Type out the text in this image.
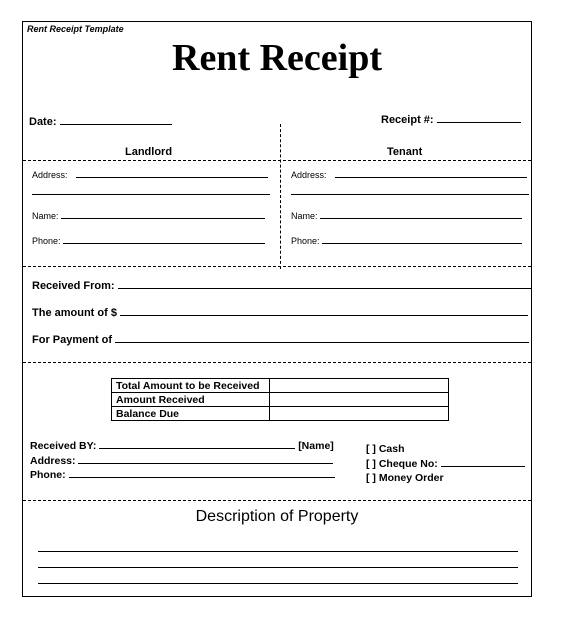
Rent Receipt Template
Rent Receipt
Date:	Receipt #:
Landlord	Tenant
Address:
Name:
Phone:
Address:
Name:
Phone:
Received From:
The amount of $
For Payment of
Total Amount to be Received	
Amount Received	
Balance Due	
Received BY:	[Name]
Address:
Phone:
[ ] Cash
[ ] Cheque No:
[ ] Money Order
Description of Property
